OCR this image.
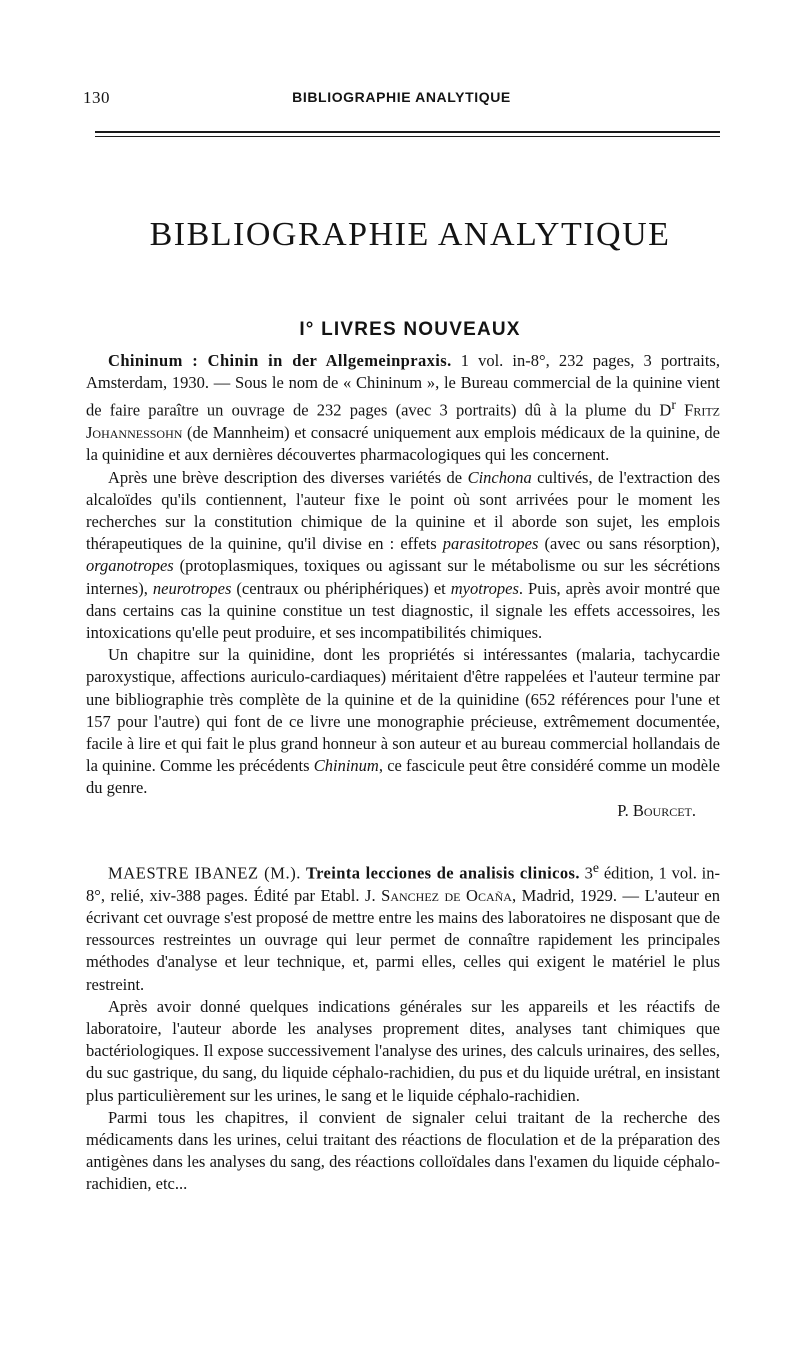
130	BIBLIOGRAPHIE ANALYTIQUE
BIBLIOGRAPHIE ANALYTIQUE
I° LIVRES NOUVEAUX

Chininum : Chinin in der Allgemeinpraxis. 1 vol. in-8°, 232 pages, 3 portraits, Amsterdam, 1930. — Sous le nom de « Chininum », le Bureau commercial de la quinine vient de faire paraître un ouvrage de 232 pages (avec 3 portraits) dû à la plume du $D^r$ Fritz Johannessohn (de Mannheim) et consacré uniquement aux emplois médicaux de la quinine, de la quinidine et aux dernières découvertes pharmacologiques qui les concernent.

Après une brève description des diverses variétés de Cinchona cultivés, de l'extraction des alcaloïdes qu'ils contiennent, l'auteur fixe le point où sont arrivées pour le moment les recherches sur la constitution chimique de la quinine et il aborde son sujet, les emplois thérapeutiques de la quinine, qu'il divise en : effets parasitotropes (avec ou sans résorption), organotropes (protoplasmiques, toxiques ou agissant sur le métabolisme ou sur les sécrétions internes), neurotropes (centraux ou phériphériques) et myotropes. Puis, après avoir montré que dans certains cas la quinine constitue un test diagnostic, il signale les effets accessoires, les intoxications qu'elle peut produire, et ses incompatibilités chimiques.

Un chapitre sur la quinidine, dont les propriétés si intéressantes (malaria, tachycardie paroxystique, affections auriculo-cardiaques) méritaient d'être rappelées et l'auteur termine par une bibliographie très complète de la quinine et de la quinidine (652 références pour l'une et 157 pour l'autre) qui font de ce livre une monographie précieuse, extrêmement documentée, facile à lire et qui fait le plus grand honneur à son auteur et au bureau commercial hollandais de la quinine. Comme les précédents Chininum, ce fascicule peut être considéré comme un modèle du genre.

P. Bourcet.

MAESTRE IBANEZ (M.). Treinta lecciones de analisis clinicos. 3e édition, 1 vol. in-8°, relié, xiv-388 pages. Édité par Etabl. J. Sanchez de Ocaña, Madrid, 1929. — L'auteur en écrivant cet ouvrage s'est proposé de mettre entre les mains des laboratoires ne disposant que de ressources restreintes un ouvrage qui leur permet de connaître rapidement les principales méthodes d'analyse et leur technique, et, parmi elles, celles qui exigent le matériel le plus restreint.

Après avoir donné quelques indications générales sur les appareils et les réactifs de laboratoire, l'auteur aborde les analyses proprement dites, analyses tant chimiques que bactériologiques. Il expose successivement l'analyse des urines, des calculs urinaires, des selles, du suc gastrique, du sang, du liquide céphalo-rachidien, du pus et du liquide urétral, en insistant plus particulièrement sur les urines, le sang et le liquide céphalo-rachidien.

Parmi tous les chapitres, il convient de signaler celui traitant de la recherche des médicaments dans les urines, celui traitant des réactions de floculation et de la préparation des antigènes dans les analyses du sang, des réactions colloïdales dans l'examen du liquide céphalo-rachidien, etc...
